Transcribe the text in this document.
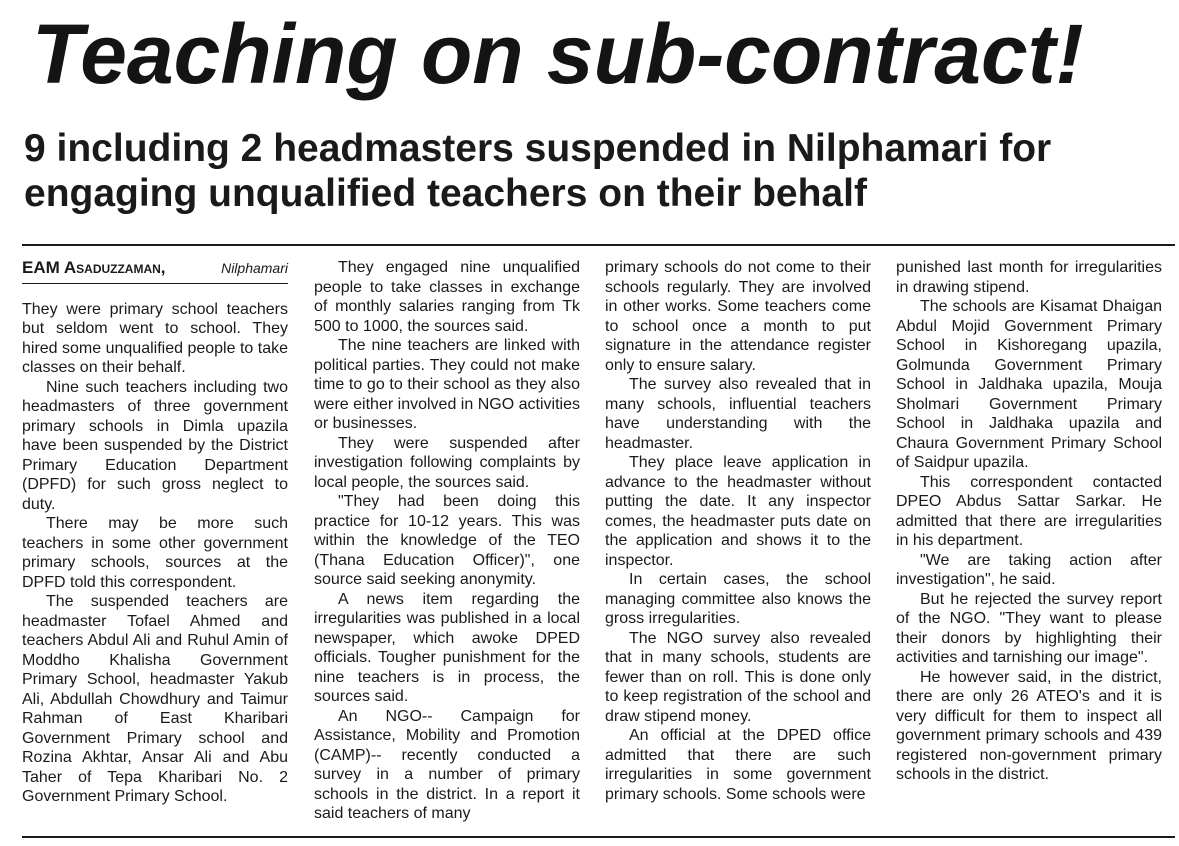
Teaching on sub-contract!
9 including 2 headmasters suspended in Nilphamari for engaging unqualified teachers on their behalf
EAM Asaduzzaman,	Nilphamari

They were primary school teachers but seldom went to school. They hired some unqualified people to take classes on their behalf.

Nine such teachers including two headmasters of three government primary schools in Dimla upazila have been suspended by the District Primary Education Department (DPFD) for such gross neglect to duty.

There may be more such teachers in some other government primary schools, sources at the DPFD told this correspondent.

The suspended teachers are headmaster Tofael Ahmed and teachers Abdul Ali and Ruhul Amin of Moddho Khalisha Government Primary School, headmaster Yakub Ali, Abdullah Chowdhury and Taimur Rahman of East Kharibari Government Primary school and Rozina Akhtar, Ansar Ali and Abu Taher of Tepa Kharibari No. 2 Government Primary School.

They engaged nine unqualified people to take classes in exchange of monthly salaries ranging from Tk 500 to 1000, the sources said.

The nine teachers are linked with political parties. They could not make time to go to their school as they also were either involved in NGO activities or businesses.

They were suspended after investigation following complaints by local people, the sources said.

"They had been doing this practice for 10-12 years. This was within the knowledge of the TEO (Thana Education Officer)", one source said seeking anonymity.

A news item regarding the irregularities was published in a local newspaper, which awoke DPED officials. Tougher punishment for the nine teachers is in process, the sources said.

An NGO-- Campaign for Assistance, Mobility and Promotion (CAMP)-- recently conducted a survey in a number of primary schools in the district. In a report it said teachers of many

primary schools do not come to their schools regularly. They are involved in other works. Some teachers come to school once a month to put signature in the attendance register only to ensure salary.

The survey also revealed that in many schools, influential teachers have understanding with the headmaster.

They place leave application in advance to the headmaster without putting the date. It any inspector comes, the headmaster puts date on the application and shows it to the inspector.

In certain cases, the school managing committee also knows the gross irregularities.

The NGO survey also revealed that in many schools, students are fewer than on roll. This is done only to keep registration of the school and draw stipend money.

An official at the DPED office admitted that there are such irregularities in some government primary schools. Some schools were

punished last month for irregularities in drawing stipend.

The schools are Kisamat Dhaigan Abdul Mojid Government Primary School in Kishoregang upazila, Golmunda Government Primary School in Jaldhaka upazila, Mouja Sholmari Government Primary School in Jaldhaka upazila and Chaura Government Primary School of Saidpur upazila.

This correspondent contacted DPEO Abdus Sattar Sarkar. He admitted that there are irregularities in his department.

"We are taking action after investigation", he said.

But he rejected the survey report of the NGO. "They want to please their donors by highlighting their activities and tarnishing our image".

He however said, in the district, there are only 26 ATEO's and it is very difficult for them to inspect all government primary schools and 439 registered non-government primary schools in the district.
